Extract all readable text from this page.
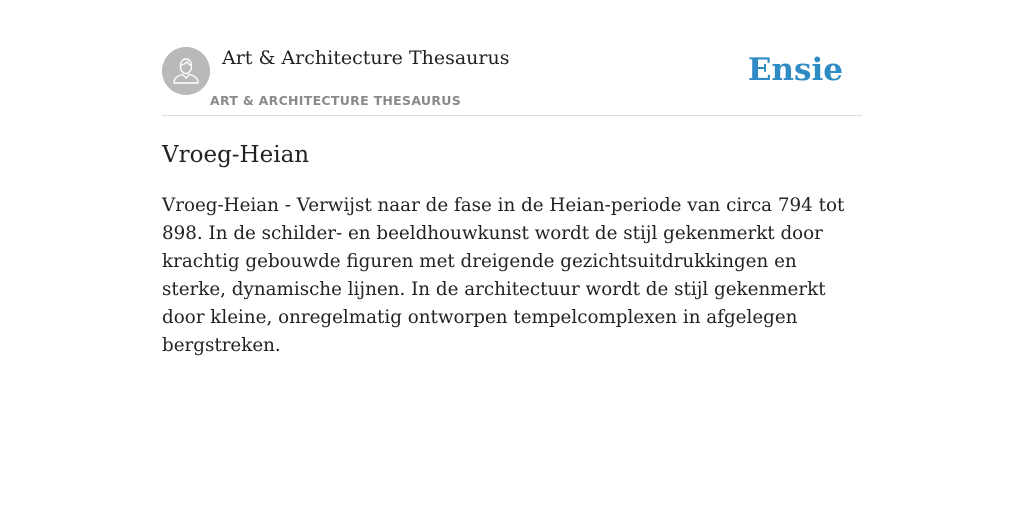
Art & Architecture Thesaurus
ART & ARCHITECTURE THESAURUS
Ensie
Vroeg-Heian

Vroeg-Heian - Verwijst naar de fase in de Heian-periode van circa 794 tot 898. In de schilder- en beeldhouwkunst wordt de stijl gekenmerkt door krachtig gebouwde figuren met dreigende gezichtsuitdrukkingen en sterke, dynamische lijnen. In de architectuur wordt de stijl gekenmerkt door kleine, onregelmatig ontworpen tempelcomplexen in afgelegen bergstreken.
